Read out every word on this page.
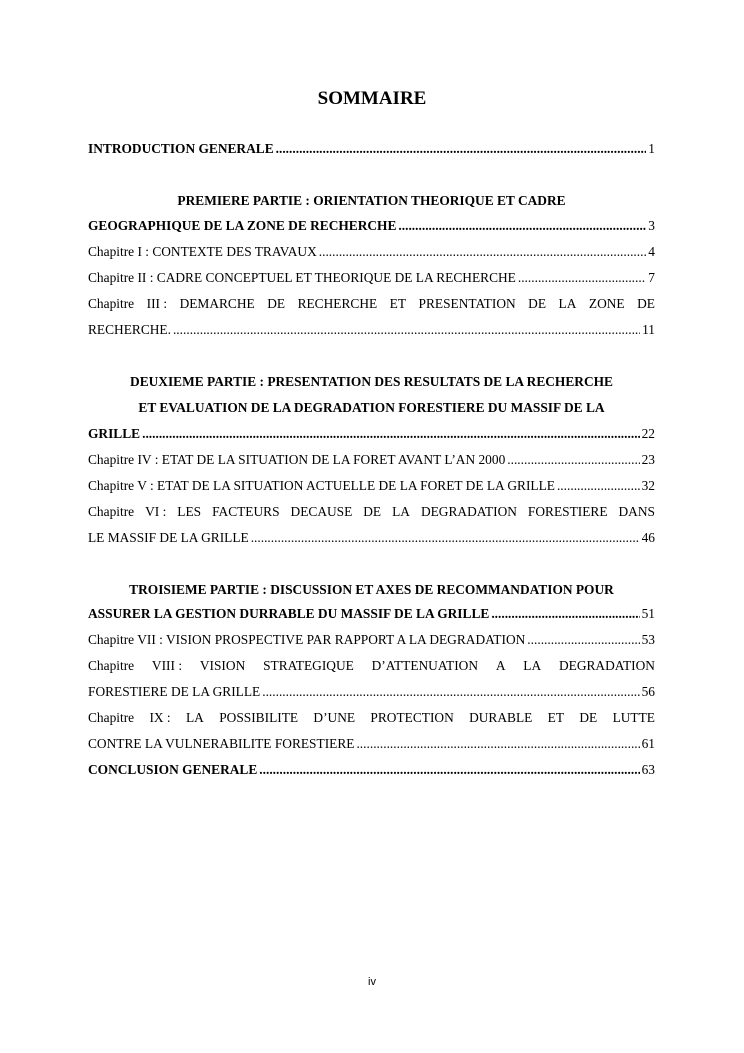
SOMMAIRE
INTRODUCTION GENERALE .....	1
PREMIERE PARTIE : ORIENTATION THEORIQUE ET CADRE
GEOGRAPHIQUE DE LA ZONE DE RECHERCHE .....	3
Chapitre I : CONTEXTE DES TRAVAUX .....	4
Chapitre II : CADRE CONCEPTUEL ET THEORIQUE DE LA RECHERCHE .....	7
Chapitre III : DEMARCHE DE RECHERCHE ET PRESENTATION DE LA ZONE DE
RECHERCHE. .....	11
DEUXIEME PARTIE : PRESENTATION DES RESULTATS DE LA RECHERCHE
ET EVALUATION DE LA DEGRADATION FORESTIERE DU MASSIF DE LA
GRILLE .....	22
Chapitre IV : ETAT DE LA SITUATION DE LA FORET AVANT L’AN 2000 .....	23
Chapitre V : ETAT DE LA SITUATION ACTUELLE DE LA FORET DE LA GRILLE .....	32
Chapitre VI : LES FACTEURS DECAUSE DE LA DEGRADATION FORESTIERE DANS
LE MASSIF DE LA GRILLE .....	46
TROISIEME PARTIE : DISCUSSION ET AXES DE RECOMMANDATION POUR
ASSURER LA GESTION DURRABLE DU MASSIF DE LA GRILLE .....	51
Chapitre VII : VISION PROSPECTIVE PAR RAPPORT A LA DEGRADATION .....	53
Chapitre VIII : VISION STRATEGIQUE D’ATTENUATION A LA DEGRADATION
FORESTIERE DE LA GRILLE .....	56
Chapitre IX : LA POSSIBILITE D’UNE PROTECTION DURABLE ET DE LUTTE
CONTRE LA VULNERABILITE FORESTIERE .....	61
CONCLUSION GENERALE .....	63
iv
